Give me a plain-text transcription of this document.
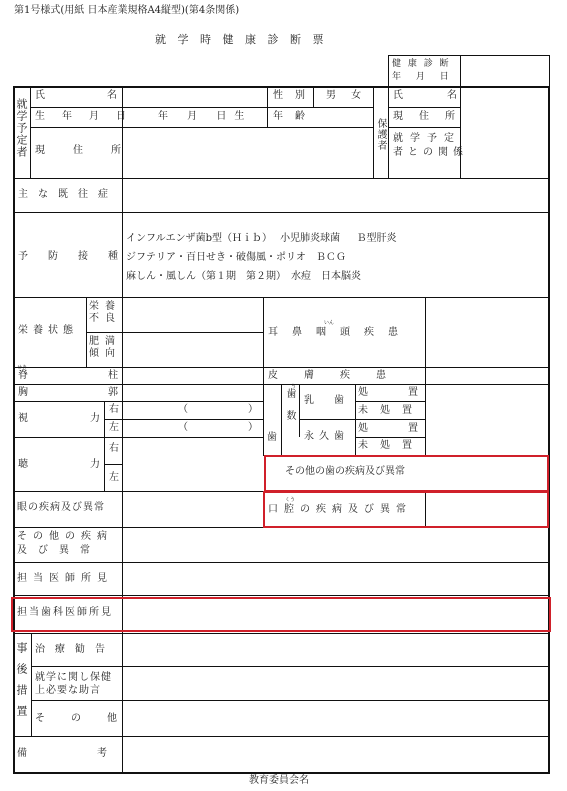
第1号様式(用紙 日本産業規格A4縦型)(第4条関係)
就 学 時 健 康 診 断 票
健 康 診 断
年 月 日
就学予定者
氏名
生年月日 年 月 日生
性別 男 女
年齢
現住所	保護者
氏名
現住所
就学予定
者との関係
主な既往症
予防接種
インフルエンザ菌b型（Ｈｉｂ）　 小児肺炎球菌 　 Ｂ型肝炎
ジフテリア・百日せき・破傷風・ポリオ　ＢＣＧ
麻しん・風しん（第１期　第２期）　水痘　日本脳炎
栄養状態
栄養不良
肥満傾向
いん
耳鼻咽頭疾患
せき
脊柱	皮膚疾患
胸郭
視力
右
左
（　　　　　　）
（　　　　　　）
聴力
右
左
歯
う
歯数 乳歯
永久歯
処置
未処置
処置
未処置
その他の歯の疾病及び異常
眼の疾病及び異常
くう
口腔の疾病及び異常
その他の疾病
及び異常
担当医師所見
担当歯科医師所見
事後措置 治療勧告
就学に関し保健
上必要な助言
その他
備考
教育委員会名
